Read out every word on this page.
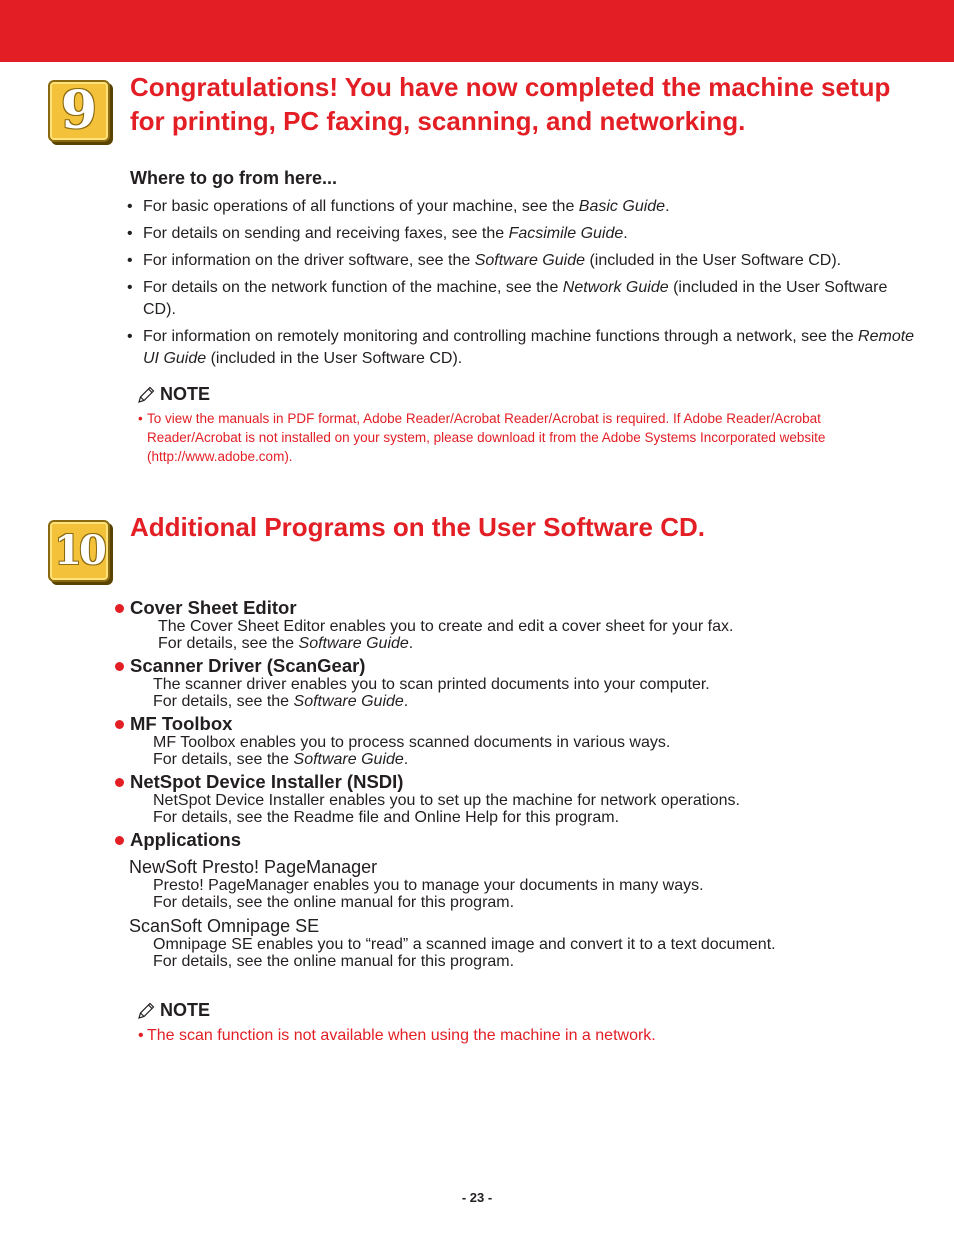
9 Congratulations! You have now completed the machine setup
for printing, PC faxing, scanning, and networking.
Where to go from here...
• For basic operations of all functions of your machine, see the Basic Guide.
• For details on sending and receiving faxes, see the Facsimile Guide.
• For information on the driver software, see the Software Guide (included in the User Software CD).
• For details on the network function of the machine, see the Network Guide (included in the User Software CD).
• For information on remotely monitoring and controlling machine functions through a network, see the Remote UI Guide (included in the User Software CD).
NOTE
• To view the manuals in PDF format, Adobe Reader/Acrobat Reader/Acrobat is required. If Adobe Reader/Acrobat Reader/Acrobat is not installed on your system, please download it from the Adobe Systems Incorporated website (http://www.adobe.com).
10 Additional Programs on the User Software CD.
Cover Sheet Editor
The Cover Sheet Editor enables you to create and edit a cover sheet for your fax.
For details, see the Software Guide.
Scanner Driver (ScanGear)
The scanner driver enables you to scan printed documents into your computer.
For details, see the Software Guide.
MF Toolbox
MF Toolbox enables you to process scanned documents in various ways.
For details, see the Software Guide.
NetSpot Device Installer (NSDI)
NetSpot Device Installer enables you to set up the machine for network operations.
For details, see the Readme file and Online Help for this program.
Applications
NewSoft Presto! PageManager
Presto! PageManager enables you to manage your documents in many ways.
For details, see the online manual for this program.
ScanSoft Omnipage SE
Omnipage SE enables you to “read” a scanned image and convert it to a text document.
For details, see the online manual for this program.
NOTE
• The scan function is not available when using the machine in a network.
- 23 -
